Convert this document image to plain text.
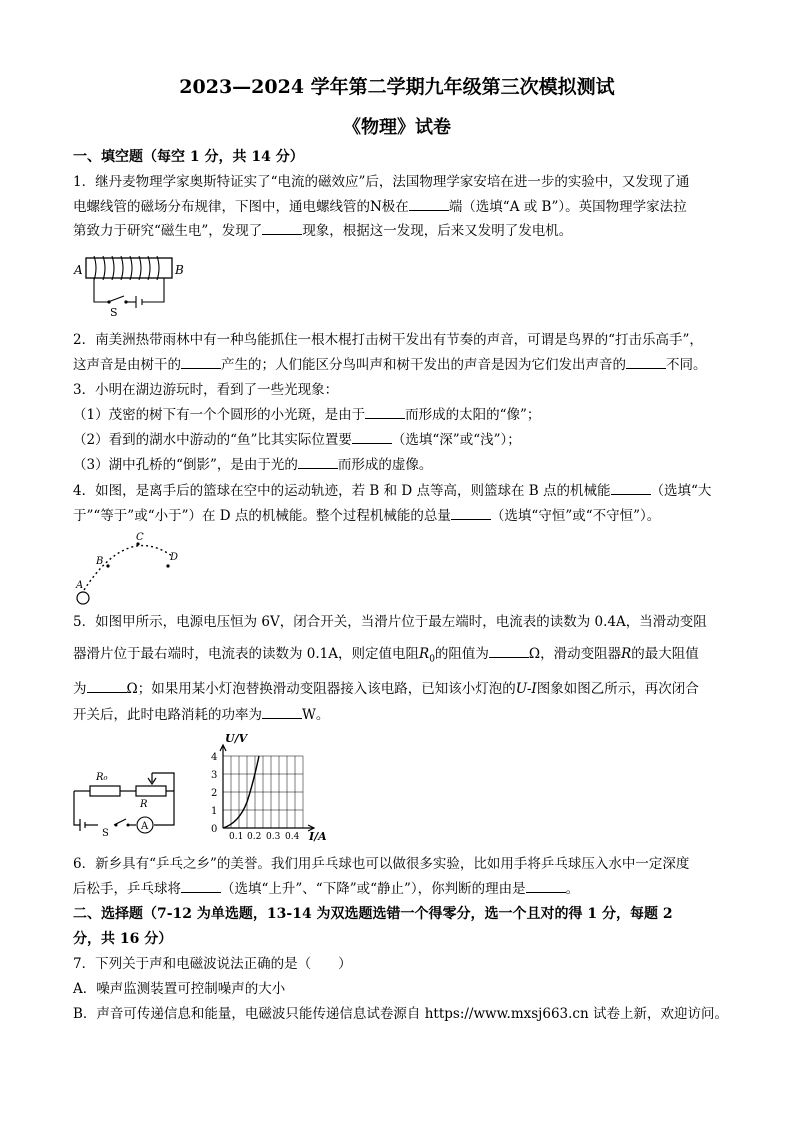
2023—2024 学年第二学期九年级第三次模拟测试
《物理》试卷
一、填空题（每空 1 分，共 14 分）
1．继丹麦物理学家奥斯特证实了“电流的磁效应”后，法国物理学家安培在进一步的实验中，又发现了通
电螺线管的磁场分布规律，下图中，通电螺线管的N极在	端（选填“A 或 B”）。英国物理学家法拉
第致力于研究“磁生电”，发现了	现象，根据这一发现，后来又发明了发电机。
A	B
S
2．南美洲热带雨林中有一种鸟能抓住一根木棍打击树干发出有节奏的声音，可谓是鸟界的“打击乐高手”，
这声音是由树干的	产生的；人们能区分鸟叫声和树干发出的声音是因为它们发出声音的	不同。
3．小明在湖边游玩时，看到了一些光现象：
（1）茂密的树下有一个个圆形的小光斑，是由于	而形成的太阳的“像”；
（2）看到的湖水中游动的“鱼”比其实际位置要	（选填“深”或“浅”）；
（3）湖中孔桥的“倒影”，是由于光的	而形成的虚像。
4．如图，是离手后的篮球在空中的运动轨迹，若 B 和 D 点等高，则篮球在 B 点的机械能	（选填“大
于”“等于”或“小于”）在 D 点的机械能。整个过程机械能的总量	（选填“守恒”或“不守恒”）。
A
B
C
D
5．如图甲所示，电源电压恒为 6V，闭合开关，当滑片位于最左端时，电流表的读数为 0.4A，当滑动变阻
器滑片位于最右端时，电流表的读数为 0.1A，则定值电阻$R_0$的阻值为	Ω，滑动变阻器R的最大阻值
为	Ω；如果用某小灯泡替换滑动变阻器接入该电路，已知该小灯泡的U-I图象如图乙所示，再次闭合
开关后，此时电路消耗的功率为	W。
A
R₀
R
S
U/V
I/A
4
3
2
1
0
0.1 0.2 0.3 0.4
6．新乡具有“乒乓之乡”的美誉。我们用乒乓球也可以做很多实验，比如用手将乒乓球压入水中一定深度
后松手，乒乓球将	（选填“上升”、“下降”或“静止”），你判断的理由是	。
二、选择题（7-12 为单选题，13-14 为双选题选错一个得零分，选一个且对的得 1 分，每题 2
分，共 16 分）
7．下列关于声和电磁波说法正确的是（　　）
A．噪声监测装置可控制噪声的大小
B．声音可传递信息和能量，电磁波只能传递信息试卷源自 https://www.mxsj663.cn 试卷上新，欢迎访问。
